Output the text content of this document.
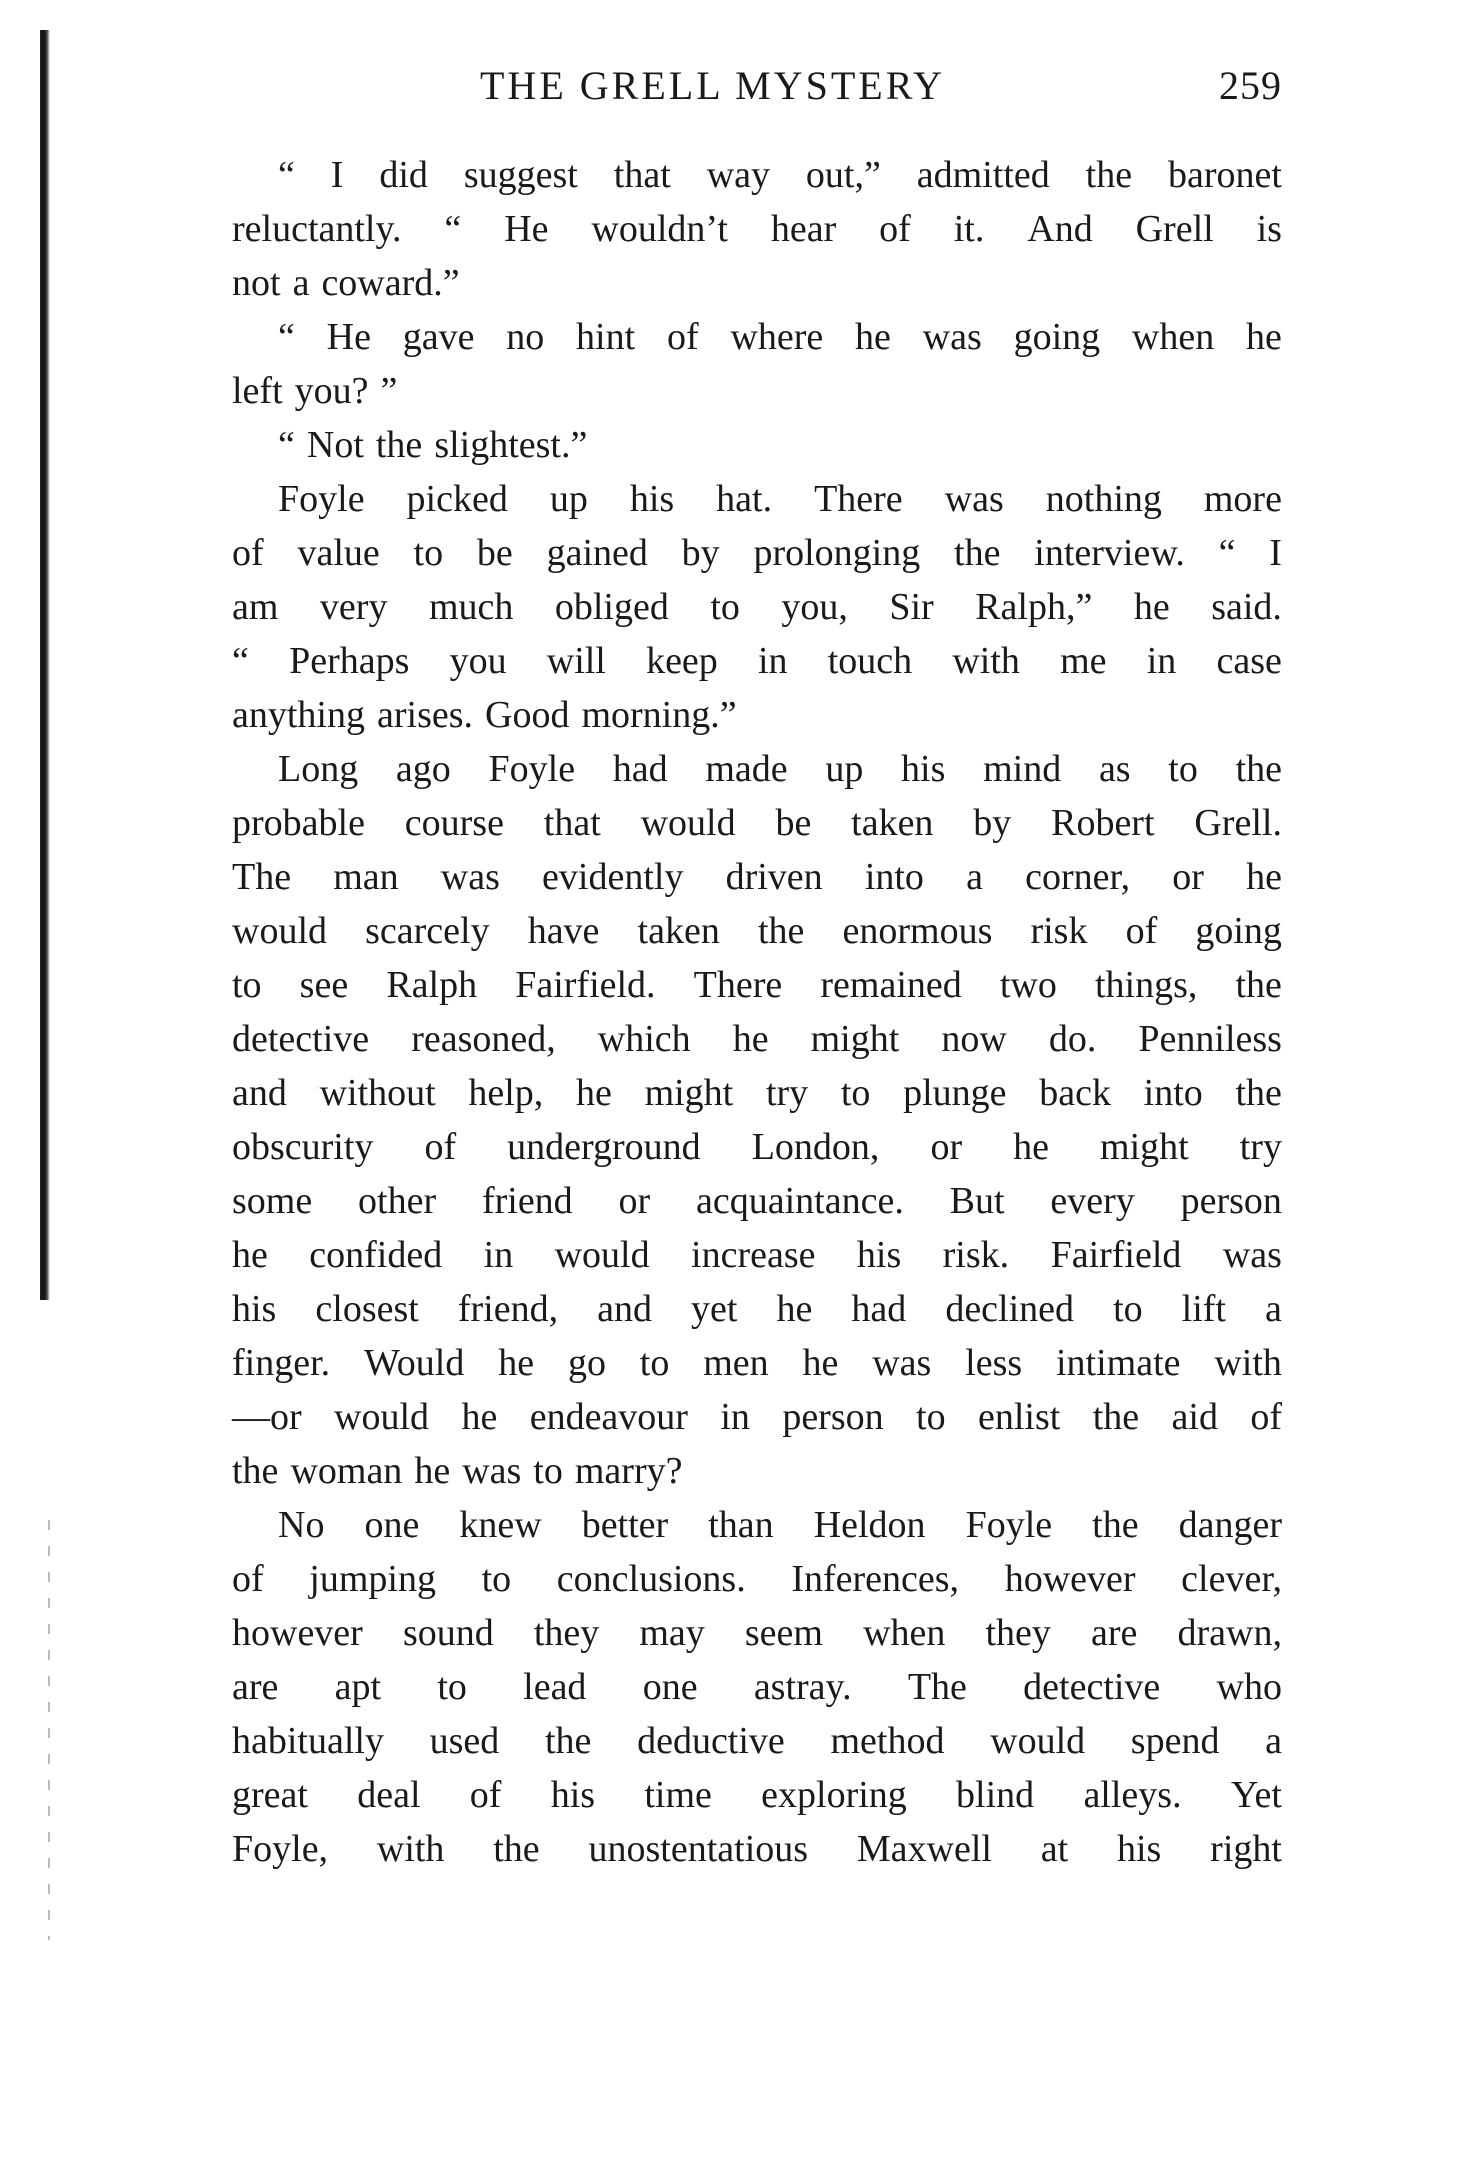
THE GRELL MYSTERY	259
“ I did suggest that way out,” admitted the baronet
reluctantly. “ He wouldn’t hear of it. And Grell is
not a coward.”
“ He gave no hint of where he was going when he
left you? ”
“ Not the slightest.”
Foyle picked up his hat. There was nothing more
of value to be gained by prolonging the interview. “ I
am very much obliged to you, Sir Ralph,” he said.
“ Perhaps you will keep in touch with me in case
anything arises. Good morning.”
Long ago Foyle had made up his mind as to the
probable course that would be taken by Robert Grell.
The man was evidently driven into a corner, or he
would scarcely have taken the enormous risk of going
to see Ralph Fairfield. There remained two things, the
detective reasoned, which he might now do. Penniless
and without help, he might try to plunge back into the
obscurity of underground London, or he might try
some other friend or acquaintance. But every person
he confided in would increase his risk. Fairfield was
his closest friend, and yet he had declined to lift a
finger. Would he go to men he was less intimate with
—or would he endeavour in person to enlist the aid of
the woman he was to marry?
No one knew better than Heldon Foyle the danger
of jumping to conclusions. Inferences, however clever,
however sound they may seem when they are drawn,
are apt to lead one astray. The detective who
habitually used the deductive method would spend a
great deal of his time exploring blind alleys. Yet
Foyle, with the unostentatious Maxwell at his right
